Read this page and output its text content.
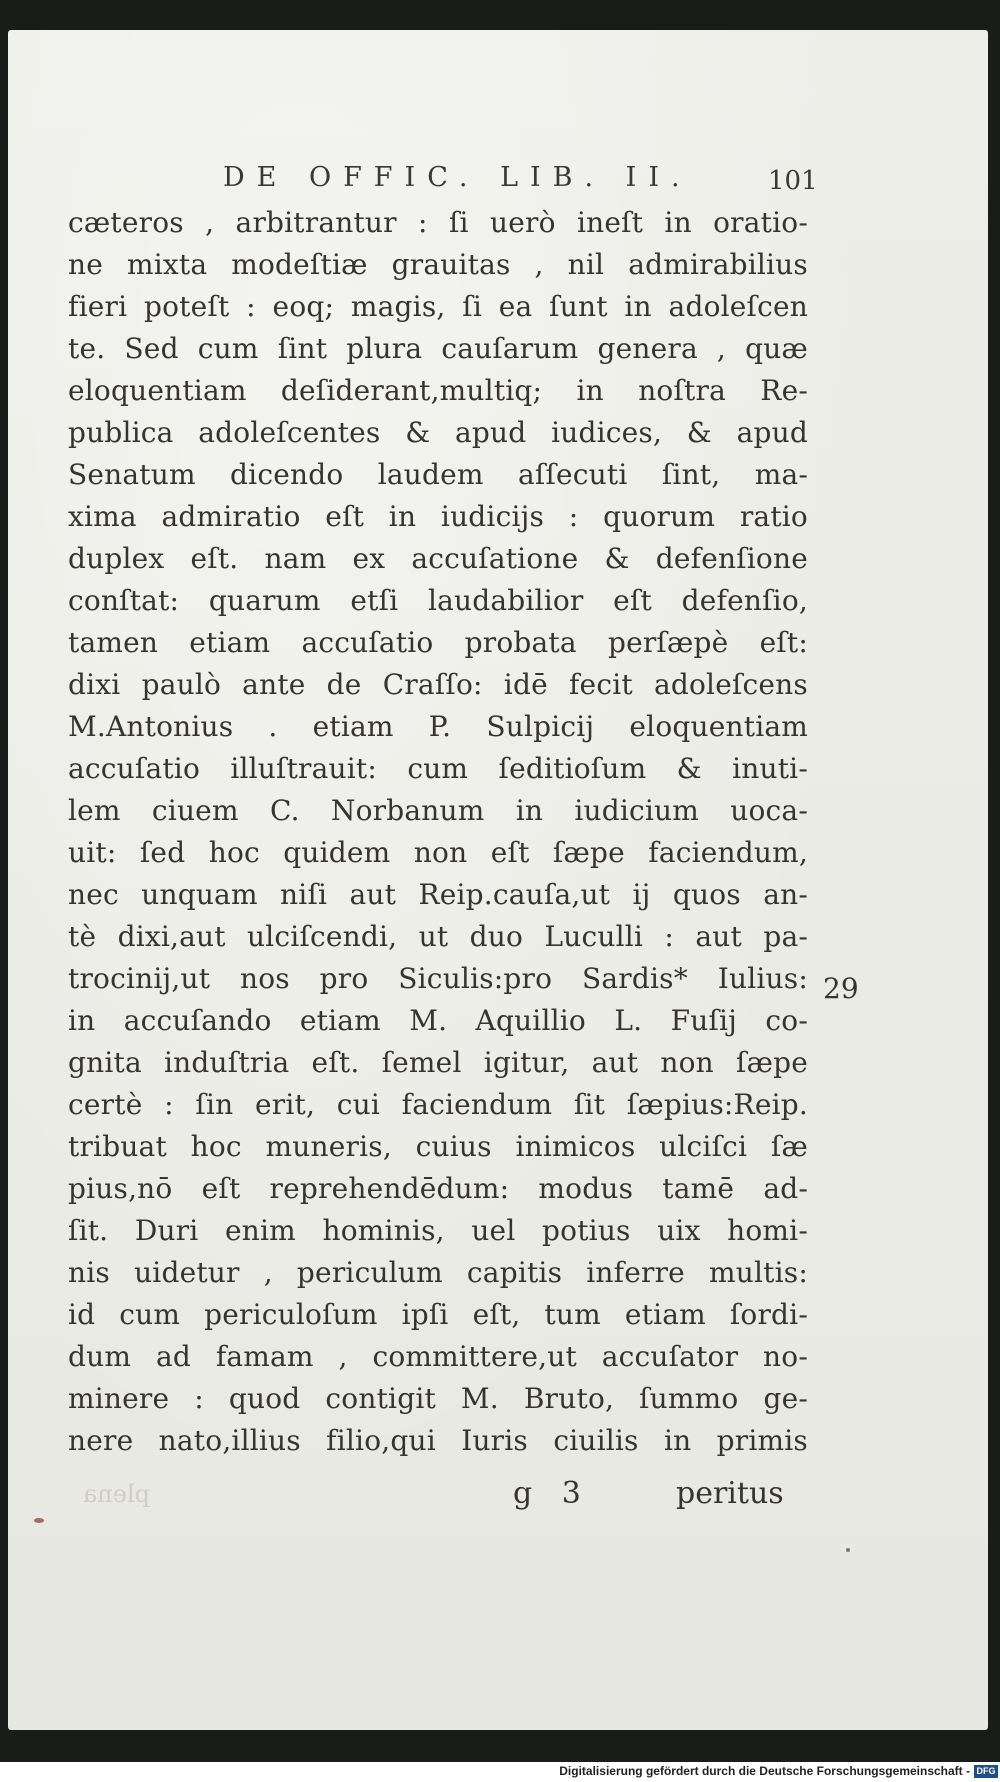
DE OFFIC. LIB. II.	101
cæteros , arbitrantur : ſi uerò ineſt in oratio-
ne mixta modeſtiæ grauitas , nil admirabilius
fieri poteſt : eoq; magis, ſi ea ſunt in adoleſcen
te. Sed cum ſint plura cauſarum genera , quæ
eloquentiam deſiderant,multiq; in noſtra Re-
publica adoleſcentes & apud iudices, & apud
Senatum dicendo laudem aſſecuti ſint, ma-
xima admiratio eſt in iudicijs : quorum ratio
duplex eſt. nam ex accuſatione & defenſione
conſtat: quarum etſi laudabilior eſt defenſio,
tamen etiam accuſatio probata perſæpè eſt:
dixi paulò ante de Craſſo: idē fecit adoleſcens
M.Antonius . etiam P. Sulpicij eloquentiam
accuſatio illuſtrauit: cum ſeditioſum & inuti-
lem ciuem C. Norbanum in iudicium uoca-
uit: ſed hoc quidem non eſt ſæpe faciendum,
nec unquam niſi aut Reip.cauſa,ut ij quos an-
tè dixi,aut ulciſcendi, ut duo Luculli : aut pa-
trocinij,ut nos pro Siculis:pro Sardis* Iulius:
in accuſando etiam M. Aquillio L. Fuſij co-
gnita induſtria eſt. ſemel igitur, aut non ſæpe
certè : ſin erit, cui faciendum ſit ſæpius:Reip.
tribuat hoc muneris, cuius inimicos ulciſci ſæ
pius,nō eſt reprehendēdum: modus tamē ad-
ſit. Duri enim hominis, uel potius uix homi-
nis uidetur , periculum capitis inferre multis:
id cum periculoſum ipſi eſt, tum etiam ſordi-
dum ad famam , committere,ut accuſator no-
minere : quod contigit M. Bruto, ſummo ge-
nere nato,illius filio,qui Iuris ciuilis in primis
29
plena	g 3	peritus
Digitalisierung gefördert durch die Deutsche Forschungsgemeinschaft - DFG
